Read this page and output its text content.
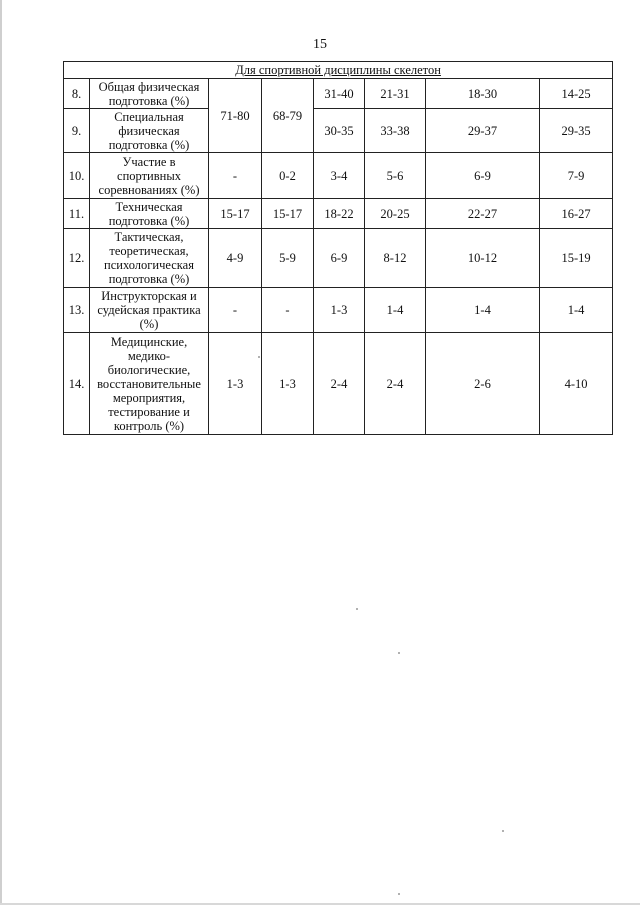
15
Для спортивной дисциплины скелетон							
8.	Общая физическая подготовка (%)	71-80	68-79	31-40	21-31	18-30	14-25
9.	Специальная физическая подготовка (%)			30-35	33-38	29-37	29-35
10.	Участие в спортивных соревнованиях (%)	-	0-2	3-4	5-6	6-9	7-9
11.	Техническая подготовка (%)	15-17	15-17	18-22	20-25	22-27	16-27
12.	Тактическая, теоретическая, психологическая подготовка (%)	4-9	5-9	6-9	8-12	10-12	15-19
13.	Инструкторская и судейская практика (%)	-	-	1-3	1-4	1-4	1-4
14.	Медицинские, медико-биологические, восстановительные мероприятия, тестирование и контроль (%)	1-3	1-3	2-4	2-4	2-6	4-10
